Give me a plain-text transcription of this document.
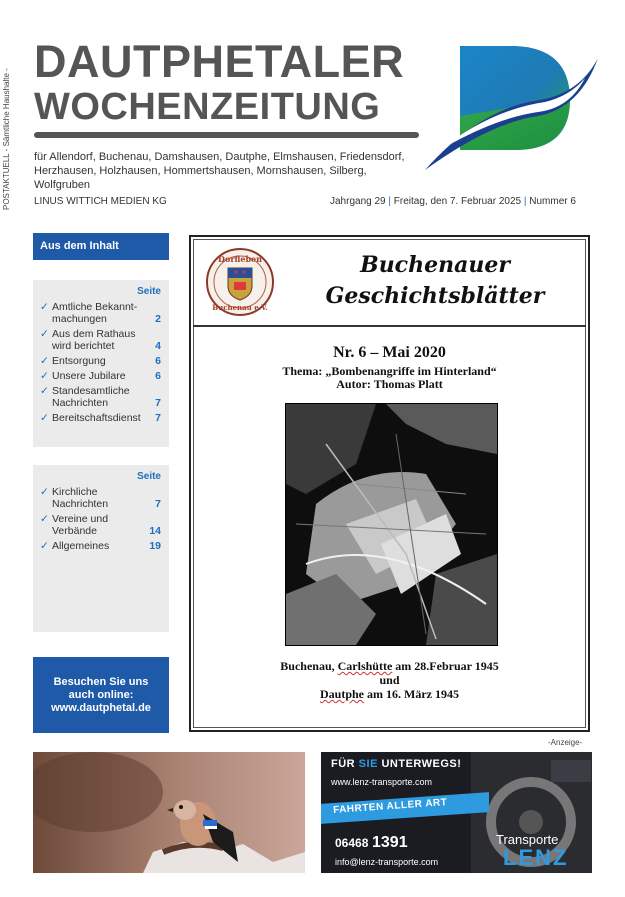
POSTAKTUELL - Sämtliche Haushalte -
DAUTPHETALER
WOCHENZEITUNG
für Allendorf, Buchenau, Damshausen, Dautphe, Elmshausen, Friedensdorf, Herzhausen, Holzhausen, Hommertshausen, Mornshausen, Silberg, Wolfgruben
LINUS WITTICH MEDIEN KG	Jahrgang 29 | Freitag, den 7. Februar 2025 | Nummer 6
Aus dem Inhalt
Seite
✓ Amtliche Bekannt-machungen	2
✓ Aus dem Rathaus wird berichtet	4
✓ Entsorgung	6
✓ Unsere Jubilare	6
✓ Standesamtliche Nachrichten	7
✓ Bereitschaftsdienst	7
Seite
✓ Kirchliche Nachrichten	7
✓ Vereine und Verbände	14
✓ Allgemeines	19
Besuchen Sie uns
auch online:
www.dautphetal.de
Dorfleben
Buchenau e.V.
Buchenauer
Geschichtsblätter
Nr. 6 – Mai 2020
Thema: „Bombenangriffe im Hinterland“
Autor: Thomas Platt
Buchenau, Carlshütte am 28.Februar 1945
und
Dautphe am 16. März 1945
-Anzeige-
FÜR SIE UNTERWEGS!
www.lenz-transporte.com
FAHRTEN ALLER ART
06468 1391
info@lenz-transporte.com
Transporte
LENZ
